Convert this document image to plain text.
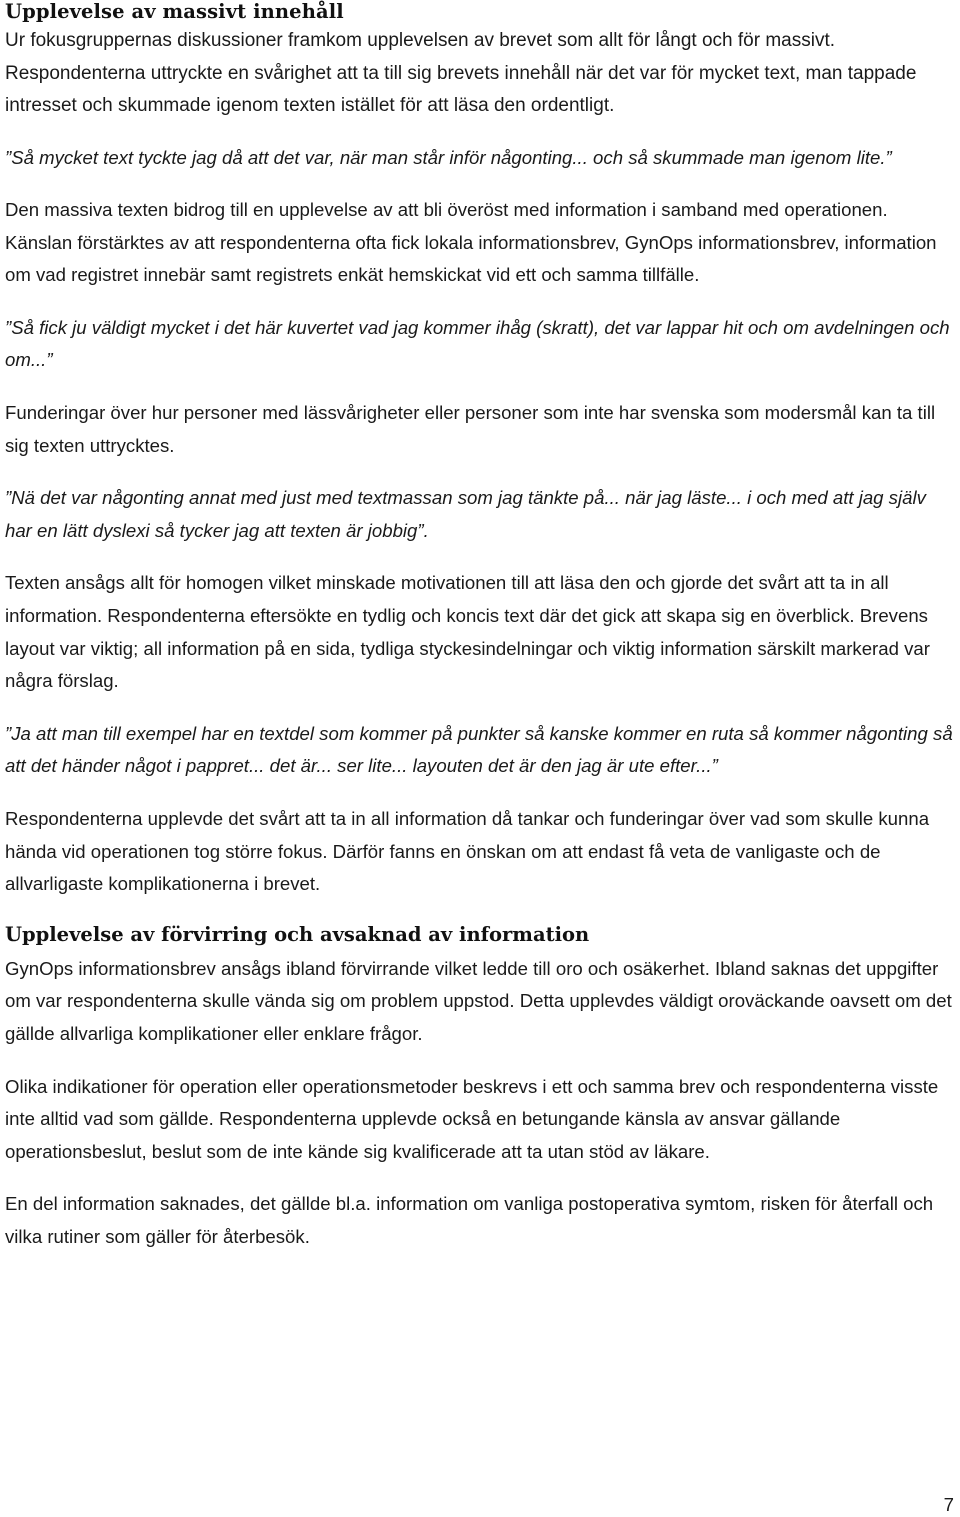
Upplevelse av massivt innehåll

Ur fokusgruppernas diskussioner framkom upplevelsen av brevet som allt för långt och för massivt. Respondenterna uttryckte en svårighet att ta till sig brevets innehåll när det var för mycket text, man tappade intresset och skummade igenom texten istället för att läsa den ordentligt.

”Så mycket text tyckte jag då att det var, när man står inför någonting... och så skummade man igenom lite.”

Den massiva texten bidrog till en upplevelse av att bli överöst med information i samband med operationen. Känslan förstärktes av att respondenterna ofta fick lokala informationsbrev, GynOps informationsbrev, information om vad registret innebär samt registrets enkät hemskickat vid ett och samma tillfälle.

”Så fick ju väldigt mycket i det här kuvertet vad jag kommer ihåg (skratt), det var lappar hit och om avdelningen och om...”

Funderingar över hur personer med lässvårigheter eller personer som inte har svenska som modersmål kan ta till sig texten uttrycktes.

”Nä det var någonting annat med just med textmassan som jag tänkte på... när jag läste... i och med att jag själv har en lätt dyslexi så tycker jag att texten är jobbig”.

Texten ansågs allt för homogen vilket minskade motivationen till att läsa den och gjorde det svårt att ta in all information. Respondenterna eftersökte en tydlig och koncis text där det gick att skapa sig en överblick. Brevens layout var viktig; all information på en sida, tydliga styckesindelningar och viktig information särskilt markerad var några förslag.

”Ja att man till exempel har en textdel som kommer på punkter så kanske kommer en ruta så kommer någonting så att det händer något i pappret... det är... ser lite... layouten det är den jag är ute efter...”

Respondenterna upplevde det svårt att ta in all information då tankar och funderingar över vad som skulle kunna hända vid operationen tog större fokus. Därför fanns en önskan om att endast få veta de vanligaste och de allvarligaste komplikationerna i brevet.

Upplevelse av förvirring och avsaknad av information

GynOps informationsbrev ansågs ibland förvirrande vilket ledde till oro och osäkerhet. Ibland saknas det uppgifter om var respondenterna skulle vända sig om problem uppstod. Detta upplevdes väldigt oroväckande oavsett om det gällde allvarliga komplikationer eller enklare frågor.

Olika indikationer för operation eller operationsmetoder beskrevs i ett och samma brev och respondenterna visste inte alltid vad som gällde. Respondenterna upplevde också en betungande känsla av ansvar gällande operationsbeslut, beslut som de inte kände sig kvalificerade att ta utan stöd av läkare.

En del information saknades, det gällde bl.a. information om vanliga postoperativa symtom, risken för återfall och vilka rutiner som gäller för återbesök.

7
